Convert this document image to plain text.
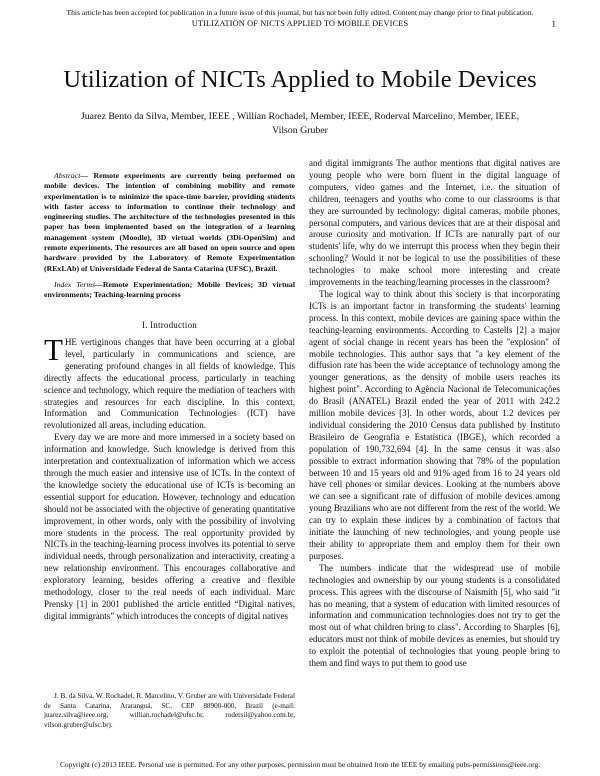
This article has been accepted for publication in a future issue of this journal, but has not been fully edited. Content may change prior to final publication.
UTILIZATION OF NICTS APPLIED TO MOBILE DEVICES	1
Utilization of NICTs Applied to Mobile Devices
Juarez Bento da Silva, Member, IEEE , Willian Rochadel, Member, IEEE, Roderval Marcelino, Member, IEEE, Vilson Gruber
Abstract— Remote experiments are currently being performed on mobile devices. The intention of combining mobility and remote experimentation is to minimize the space-time barrier, providing students with faster access to information to continue their technology and engineering studies. The architecture of the technologies presented in this paper has been implemented based on the integration of a learning management system (Moodle), 3D virtual worlds (3Di-OpenSim) and remote experiments. The resources are all based on open source and open hardware provided by the Laboratory of Remote Experimentation (RExLAb) of Universidade Federal de Santa Catarina (UFSC), Brazil.
Index Terms—Remote Experimentation; Mobile Devices; 3D virtual environments; Teaching-learning process
I. Introduction

THE vertiginous changes that have been occurring at a global level, particularly in communications and science, are generating profound changes in all fields of knowledge. This directly affects the educational process, particularly in teaching science and technology, which require the mediation of teachers with strategies and resources for each discipline. In this context, Information and Communication Technologies (ICT) have revolutionized all areas, including education.

Every day we are more and more immersed in a society based on information and knowledge. Such knowledge is derived from this interpretation and contextualization of information which we access through the much easier and intensive use of ICTs. In the context of the knowledge society the educational use of ICTs is becoming an essential support for education. However, technology and education should not be associated with the objective of generating quantitative improvement, in other words, only with the possibility of involving more students in the process. The real opportunity provided by NICTs in the teaching-learning process involves its potential to serve individual needs, through personalization and interactivity, creating a new relationship environment. This encourages collaborative and exploratory learning, besides offering a creative and flexible methodology, closer to the real needs of each individual. Marc Prensky [1] in 2001 published the article entitled “Digital natives, digital immigrants” which introduces the concepts of digital natives

J. B. da Silva, W. Rochadel, R. Marcelino, V. Gruber are with Universidade Federal de Santa Catarina, Araranguá, SC, CEP 88900-000, Brazil (e-mail: juarez.silva@ieee.org, willian.rochadel@ufsc.br, rodersil@yahoo.com.br, vilson.gruber@ufsc.br).

and digital immigrants The author mentions that digital natives are young people who were born fluent in the digital language of computers, video games and the Internet, i.e. the situation of children, teenagers and youths who come to our classrooms is that they are surrounded by technology: digital cameras, mobile phones, personal computers, and various devices that are at their disposal and arouse curiosity and motivation. If ICTs are naturally part of our students' life, why do we interrupt this process when they begin their schooling? Would it not be logical to use the possibilities of these technologies to make school more interesting and create improvements in the teaching/learning processes in the classroom?

The logical way to think about this society is that incorporating ICTs is an important factor in transforming the students' learning process. In this context, mobile devices are gaining space within the teaching-learning environments. According to Castells [2] a major agent of social change in recent years has been the "explosion" of mobile technologies. This author says that "a key element of the diffusion rate has been the wide acceptance of technology among the younger generations, as the density of mobile users reaches its highest point". According to Agência Nacional de Telecomunicações do Brasil (ANATEL) Brazil ended the year of 2011 with 242.2 million mobile devices [3]. In other words, about 1.2 devices per individual considering the 2010 Census data published by Instituto Brasileiro de Geografia e Estatística (IBGE), which recorded a population of 190,732,694 [4]. In the same census it was also possible to extract information showing that 78% of the population between 10 and 15 years old and 91% aged from 16 to 24 years old have cell phones or similar devices. Looking at the numbers above we can see a significant rate of diffusion of mobile devices among young Brazilians who are not different from the rest of the world. We can try to explain these indices by a combination of factors that initiate the launching of new technologies, and young people use their ability to appropriate them and employ them for their own purposes.

The numbers indicate that the widespread use of mobile technologies and ownership by our young students is a consolidated process. This agrees with the discourse of Naismith [5], who said "it has no meaning, that a system of education with limited resources of information and communication technologies does not try to get the most out of what children bring to class". According to Sharples [6], educators must not think of mobile devices as enemies, but should try to exploit the potential of technologies that young people bring to them and find ways to put them to good use

Copyright (c) 2013 IEEE. Personal use is permitted. For any other purposes, permission must be obtained from the IEEE by emailing pubs-permissions@ieee.org.
